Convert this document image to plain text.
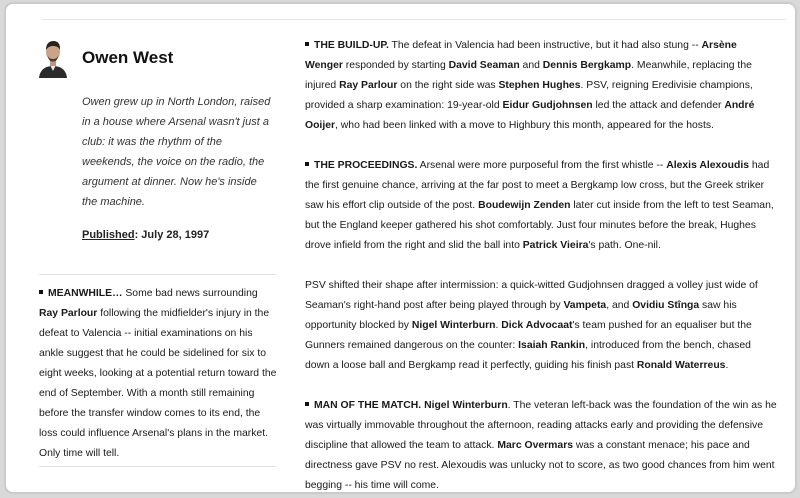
Owen West
Owen grew up in North London, raised in a house where Arsenal wasn't just a club: it was the rhythm of the weekends, the voice on the radio, the argument at dinner. Now he's inside the machine.
Published: July 28, 1997
MEANWHILE… Some bad news surrounding Ray Parlour following the midfielder's injury in the defeat to Valencia -- initial examinations on his ankle suggest that he could be sidelined for six to eight weeks, looking at a potential return toward the end of September. With a month still remaining before the transfer window comes to its end, the loss could influence Arsenal's plans in the market. Only time will tell.

THE BUILD-UP. The defeat in Valencia had been instructive, but it had also stung -- Arsène Wenger responded by starting David Seaman and Dennis Bergkamp. Meanwhile, replacing the injured Ray Parlour on the right side was Stephen Hughes. PSV, reigning Eredivisie champions, provided a sharp examination: 19-year-old Eidur Gudjohnsen led the attack and defender André Ooijer, who had been linked with a move to Highbury this month, appeared for the hosts.

THE PROCEEDINGS. Arsenal were more purposeful from the first whistle -- Alexis Alexoudis had the first genuine chance, arriving at the far post to meet a Bergkamp low cross, but the Greek striker saw his effort clip outside of the post. Boudewijn Zenden later cut inside from the left to test Seaman, but the England keeper gathered his shot comfortably. Just four minutes before the break, Hughes drove infield from the right and slid the ball into Patrick Vieira's path. One-nil.

PSV shifted their shape after intermission: a quick-witted Gudjohnsen dragged a volley just wide of Seaman's right-hand post after being played through by Vampeta, and Ovidiu Stînga saw his opportunity blocked by Nigel Winterburn. Dick Advocaat's team pushed for an equaliser but the Gunners remained dangerous on the counter: Isaiah Rankin, introduced from the bench, chased down a loose ball and Bergkamp read it perfectly, guiding his finish past Ronald Waterreus.

MAN OF THE MATCH. Nigel Winterburn. The veteran left-back was the foundation of the win as he was virtually immovable throughout the afternoon, reading attacks early and providing the defensive discipline that allowed the team to attack. Marc Overmars was a constant menace; his pace and directness gave PSV no rest. Alexoudis was unlucky not to score, as two good chances from him went begging -- his time will come.
